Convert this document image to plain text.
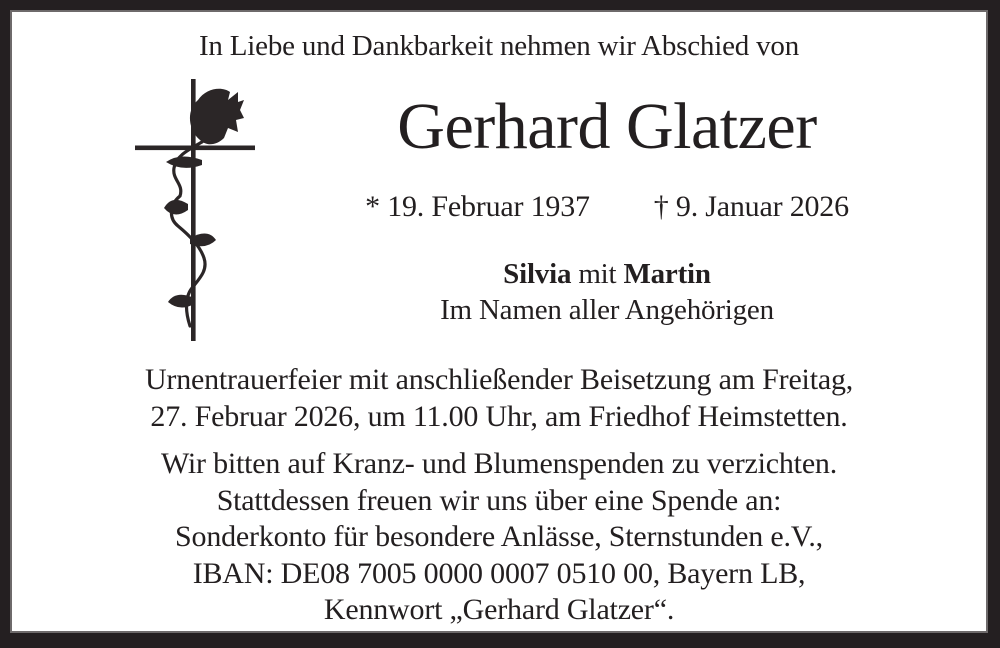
In Liebe und Dankbarkeit nehmen wir Abschied von
Gerhard Glatzer
* 19. Februar 1937 † 9. Januar 2026
Silvia mit Martin
Im Namen aller Angehörigen
Urnentrauerfeier mit anschließender Beisetzung am Freitag,
27. Februar 2026, um 11.00 Uhr, am Friedhof Heimstetten.
Wir bitten auf Kranz- und Blumenspenden zu verzichten.
Stattdessen freuen wir uns über eine Spende an:
Sonderkonto für besondere Anlässe, Sternstunden e.V.,
IBAN: DE08 7005 0000 0007 0510 00, Bayern LB,
Kennwort „Gerhard Glatzer“.
